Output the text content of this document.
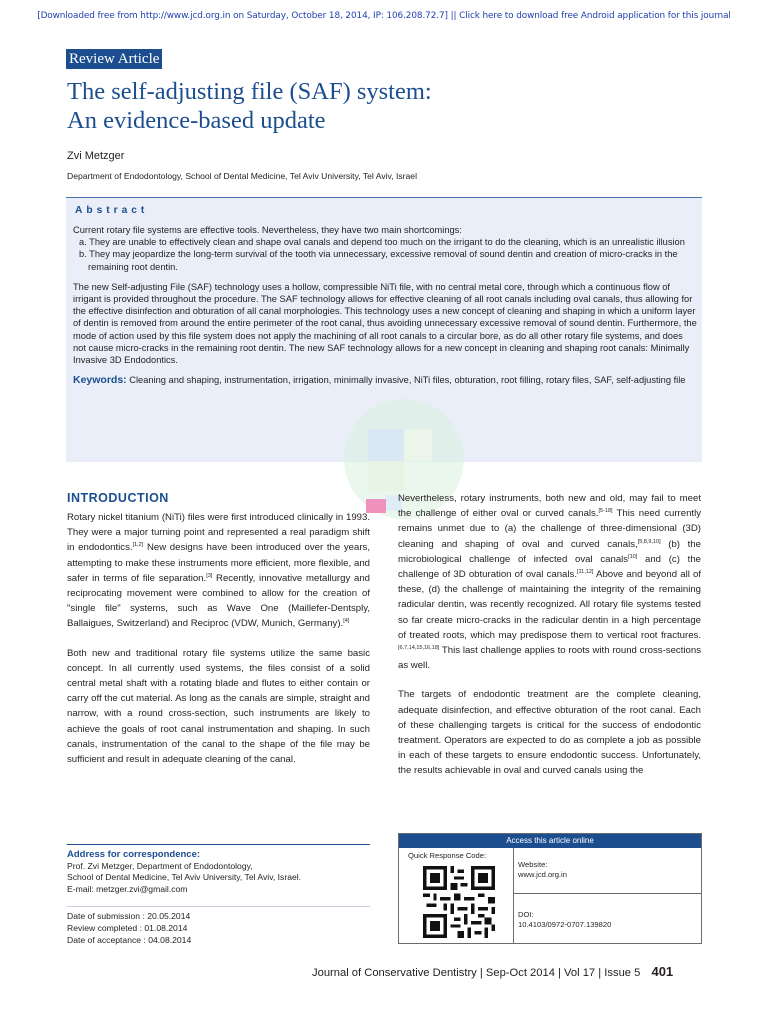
[Downloaded free from http://www.jcd.org.in on Saturday, October 18, 2014, IP: 106.208.72.7] || Click here to download free Android application for this journal
Review Article
The self-adjusting file (SAF) system:
An evidence-based update
Zvi Metzger
Department of Endodontology, School of Dental Medicine, Tel Aviv University, Tel Aviv, Israel
Abstract

Current rotary file systems are effective tools. Nevertheless, they have two main shortcomings:

a. They are unable to effectively clean and shape oval canals and depend too much on the irrigant to do the cleaning, which is an unrealistic illusion

b. They may jeopardize the long-term survival of the tooth via unnecessary, excessive removal of sound dentin and creation of micro-cracks in the remaining root dentin.

The new Self-adjusting File (SAF) technology uses a hollow, compressible NiTi file, with no central metal core, through which a continuous flow of irrigant is provided throughout the procedure. The SAF technology allows for effective cleaning of all root canals including oval canals, thus allowing for the effective disinfection and obturation of all canal morphologies. This technology uses a new concept of cleaning and shaping in which a uniform layer of dentin is removed from around the entire perimeter of the root canal, thus avoiding unnecessary excessive removal of sound dentin. Furthermore, the mode of action used by this file system does not apply the machining of all root canals to a circular bore, as do all other rotary file systems, and does not cause micro-cracks in the remaining root dentin. The new SAF technology allows for a new concept in cleaning and shaping root canals: Minimally Invasive 3D Endodontics.

Keywords: Cleaning and shaping, instrumentation, irrigation, minimally invasive, NiTi files, obturation, root filling, rotary files, SAF, self-adjusting file

INTRODUCTION

Rotary nickel titanium (NiTi) files were first introduced clinically in 1993. They were a major turning point and represented a real paradigm shift in endodontics.[1,2] New designs have been introduced over the years, attempting to make these instruments more efficient, more flexible, and safer in terms of file separation.[3] Recently, innovative metallurgy and reciprocating movement were combined to allow for the creation of "single file" systems, such as Wave One (Maillefer-Dentsply, Ballaigues, Switzerland) and Reciproc (VDW, Munich, Germany).[4]

Both new and traditional rotary file systems utilize the same basic concept. In all currently used systems, the files consist of a solid central metal shaft with a rotating blade and flutes to either contain or carry off the cut material. As long as the canals are simple, straight and narrow, with a round cross-section, such instruments are likely to achieve the goals of root canal instrumentation and shaping. In such canals, instrumentation of the canal to the shape of the file may be sufficient and result in adequate cleaning of the canal.

Nevertheless, rotary instruments, both new and old, may fail to meet the challenge of either oval or curved canals.[5-18] This need currently remains unmet due to (a) the challenge of three-dimensional (3D) cleaning and shaping of oval and curved canals,[5,8,9,10] (b) the microbiological challenge of infected oval canals[10] and (c) the challenge of 3D obturation of oval canals.[11,12] Above and beyond all of these, (d) the challenge of maintaining the integrity of the remaining radicular dentin, was recently recognized. All rotary file systems tested so far create micro-cracks in the radicular dentin in a high percentage of treated roots, which may predispose them to vertical root fractures.[6,7,14,15,16,18] This last challenge applies to roots with round cross-sections as well.

The targets of endodontic treatment are the complete cleaning, adequate disinfection, and effective obturation of the root canal. Each of these challenging targets is critical for the success of endodontic treatment. Operators are expected to do as complete a job as possible in each of these targets to ensure endodontic success. Unfortunately, the results achievable in oval and curved canals using the

Address for correspondence:
Prof. Zvi Metzger, Department of Endodontology,
School of Dental Medicine, Tel Aviv University, Tel Aviv, Israel.
E-mail: metzger.zvi@gmail.com
Date of submission : 20.05.2014
Review completed : 01.08.2014
Date of acceptance : 04.08.2014
Access this article online
Quick Response Code:
Website:
www.jcd.org.in
DOI:
10.4103/0972-0707.139820
Journal of Conservative Dentistry | Sep-Oct 2014 | Vol 17 | Issue 5 401
